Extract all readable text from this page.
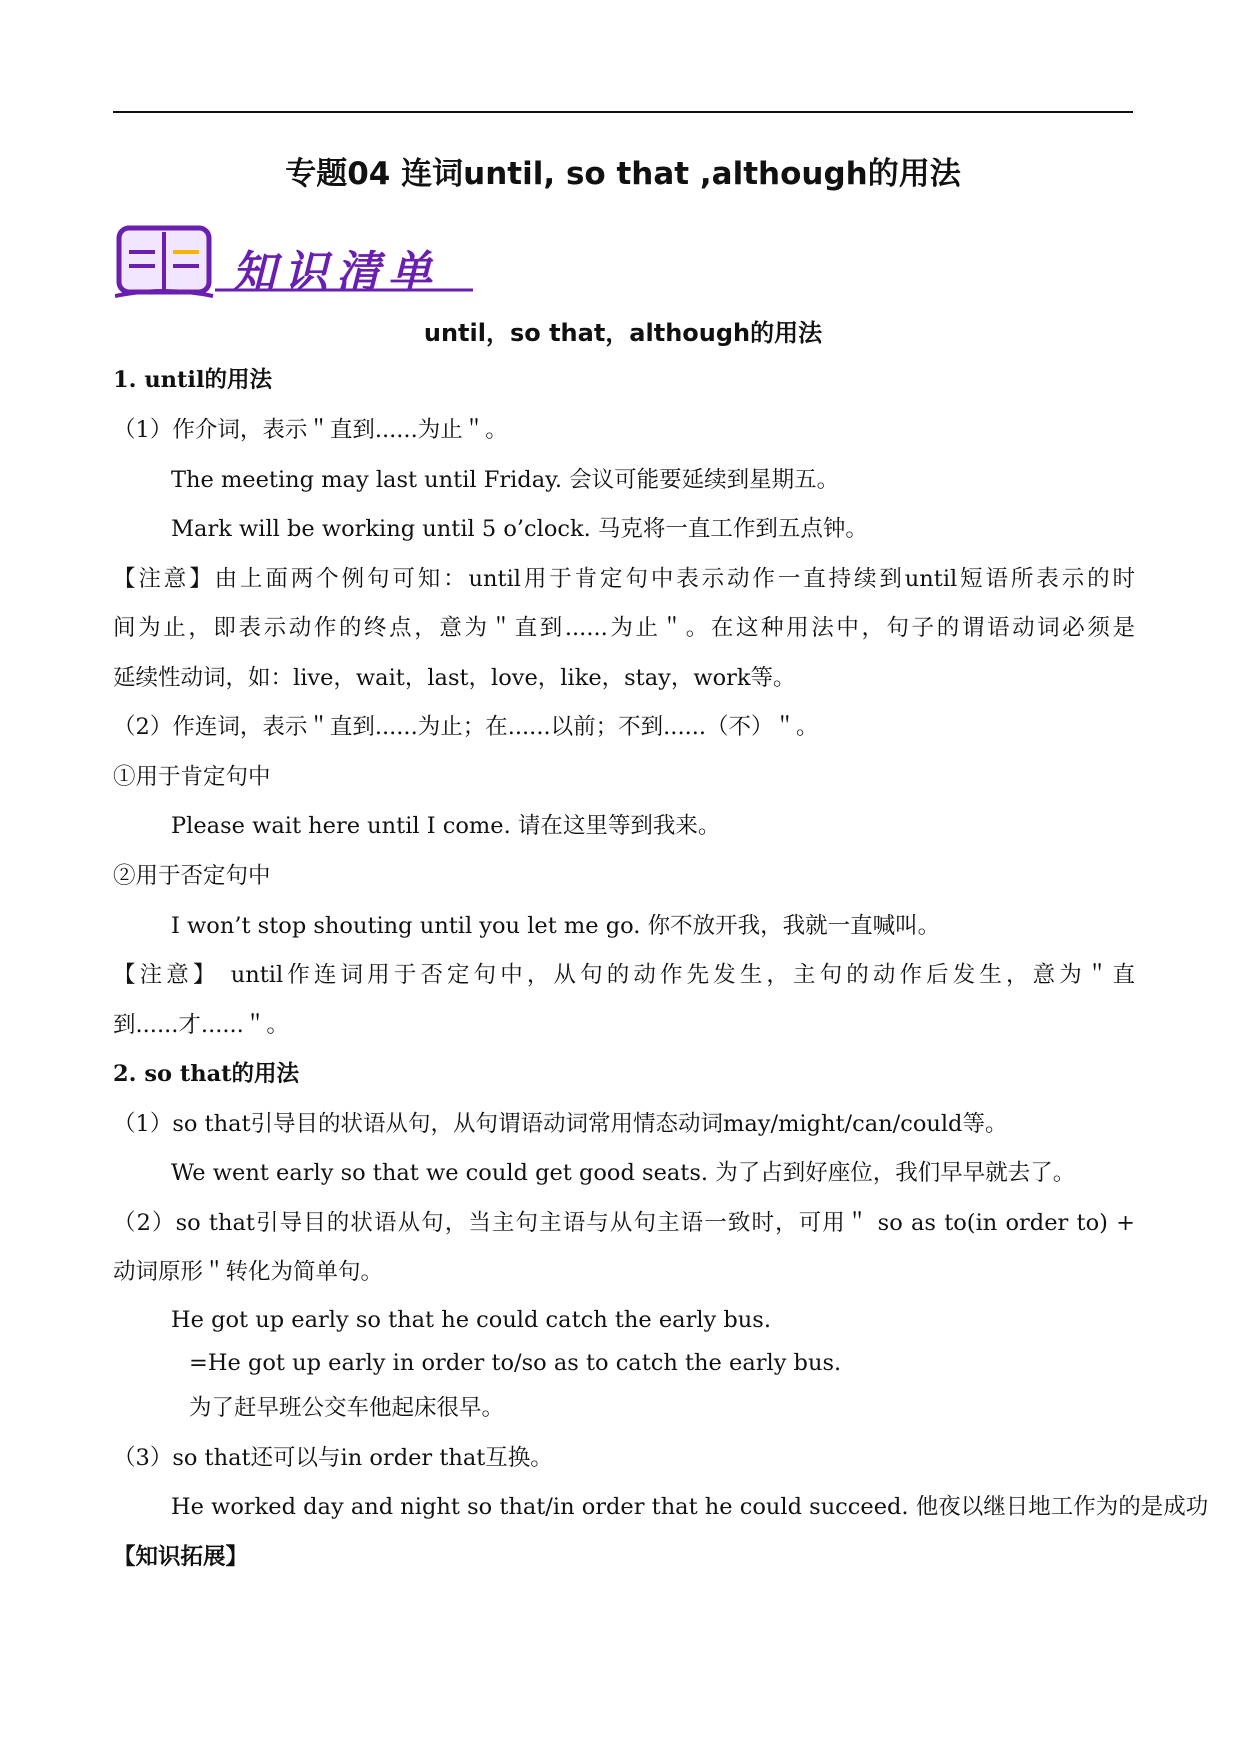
专题04 连词until, so that ,although的用法
知识清单
until，so that，although的用法
1. until的用法
（1）作介词，表示＂直到......为止＂。
The meeting may last until Friday. 会议可能要延续到星期五。
Mark will be working until 5 o’clock. 马克将一直工作到五点钟。
【注意】由上面两个例句可知：until用于肯定句中表示动作一直持续到until短语所表示的时
间为止，即表示动作的终点，意为＂直到......为止＂。在这种用法中，句子的谓语动词必须是
延续性动词，如：live，wait，last，love，like，stay，work等。
（2）作连词，表示＂直到......为止；在......以前；不到......（不）＂。
①用于肯定句中
Please wait here until I come. 请在这里等到我来。
②用于否定句中
I won’t stop shouting until you let me go. 你不放开我，我就一直喊叫。
【注意】 until作连词用于否定句中，从句的动作先发生，主句的动作后发生，意为＂直
到......才......＂。
2. so that的用法
（1）so that引导目的状语从句，从句谓语动词常用情态动词may/might/can/could等。
We went early so that we could get good seats. 为了占到好座位，我们早早就去了。
（2）so that引导目的状语从句，当主句主语与从句主语一致时，可用＂ so as to(in order to) +
动词原形＂转化为简单句。
He got up early so that he could catch the early bus.
=He got up early in order to/so as to catch the early bus.
为了赶早班公交车他起床很早。
（3）so that还可以与in order that互换。
He worked day and night so that/in order that he could succeed. 他夜以继日地工作为的是成功
【知识拓展】
